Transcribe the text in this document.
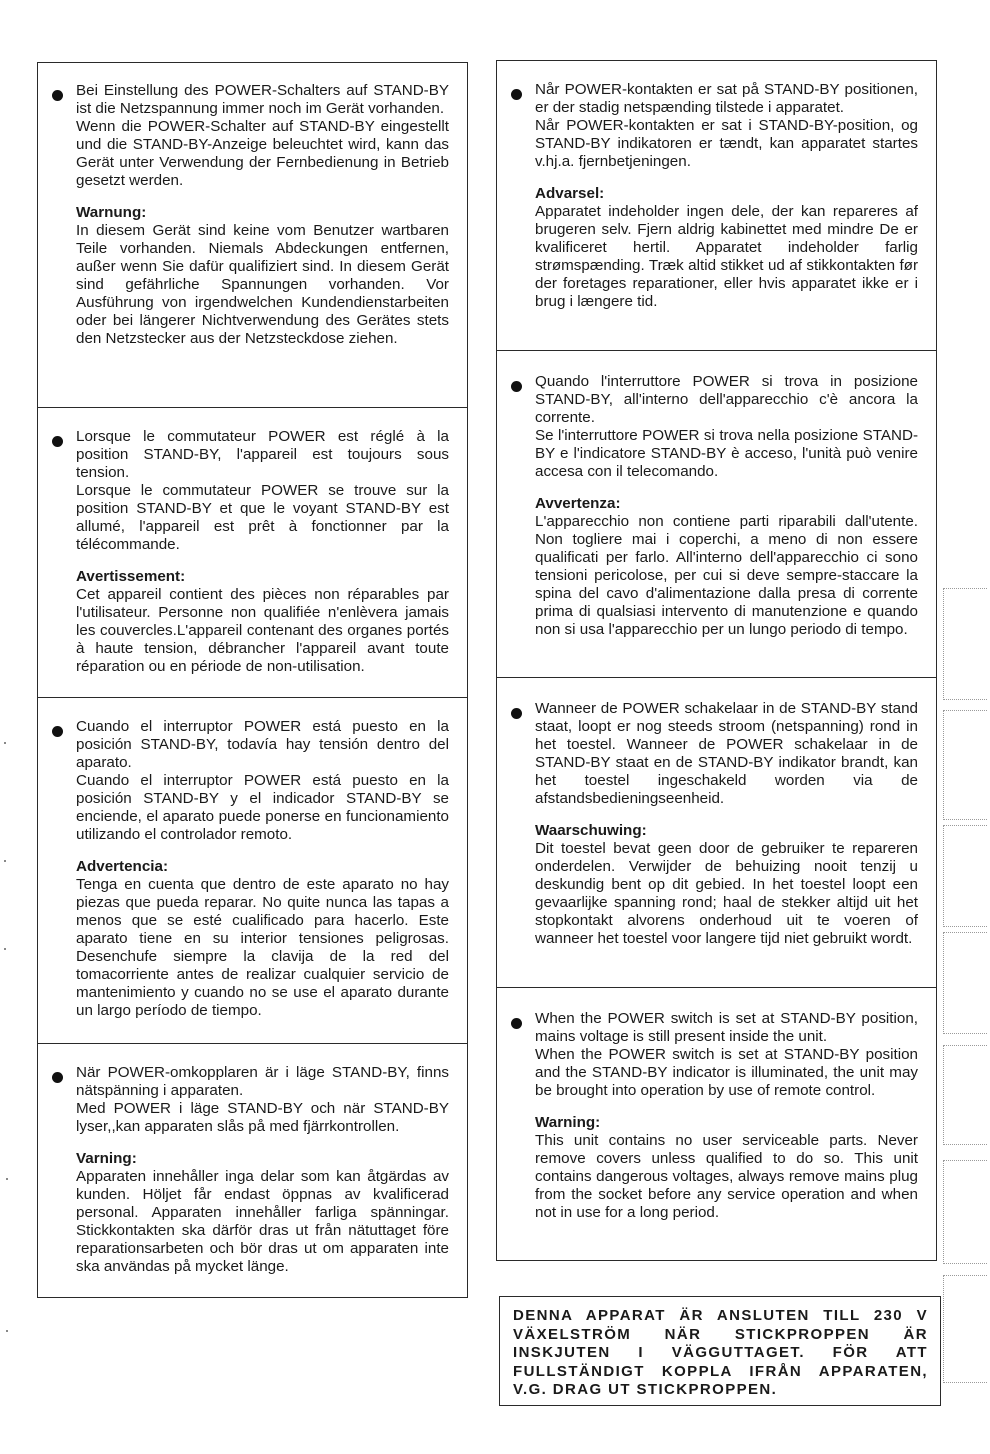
Bei Einstellung des POWER-Schalters auf STAND-BY ist die Netzspannung immer noch im Gerät vorhanden.

Wenn die POWER-Schalter auf STAND-BY eingestellt und die STAND-BY-Anzeige beleuchtet wird, kann das Gerät unter Verwendung der Fernbedienung in Betrieb gesetzt werden.

Warnung:

In diesem Gerät sind keine vom Benutzer wartbaren Teile vorhanden. Niemals Abdeckungen entfernen, außer wenn Sie dafür qualifiziert sind. In diesem Gerät sind gefährliche Spannungen vorhanden. Vor Ausführung von irgendwelchen Kundendienstarbeiten oder bei längerer Nichtverwendung des Gerätes stets den Netzstecker aus der Netzsteckdose ziehen.

Lorsque le commutateur POWER est réglé à la position STAND-BY, l'appareil est toujours sous tension.

Lorsque le commutateur POWER se trouve sur la position STAND-BY et que le voyant STAND-BY est allumé, l'appareil est prêt à fonctionner par la télécommande.

Avertissement:

Cet appareil contient des pièces non réparables par l'utilisateur. Personne non qualifiée n'enlèvera jamais les couvercles.L'appareil contenant des organes portés à haute tension, débrancher l'appareil avant toute réparation ou en période de non-utilisation.

Cuando el interruptor POWER está puesto en la posición STAND-BY, todavía hay tensión dentro del aparato.

Cuando el interruptor POWER está puesto en la posición STAND-BY y el indicador STAND-BY se enciende, el aparato puede ponerse en funcionamiento utilizando el controlador remoto.

Advertencia:

Tenga en cuenta que dentro de este aparato no hay piezas que pueda reparar. No quite nunca las tapas a menos que se esté cualificado para hacerlo. Este aparato tiene en su interior tensiones peligrosas. Desenchufe siempre la clavija de la red del tomacorriente antes de realizar cualquier servicio de mantenimiento y cuando no se use el aparato durante un largo período de tiempo.

När POWER-omkopplaren är i läge STAND-BY, finns nätspänning i apparaten.

Med POWER i läge STAND-BY och när STAND-BY lyser,,kan apparaten slås på med fjärrkontrollen.

Varning:

Apparaten innehåller inga delar som kan åtgärdas av kunden. Höljet får endast öppnas av kvalificerad personal. Apparaten innehåller farliga spänningar. Stickkontakten ska därför dras ut från nätuttaget före reparationsarbeten och bör dras ut om apparaten inte ska användas på mycket länge.

Når POWER-kontakten er sat på STAND-BY positionen, er der stadig netspænding tilstede i apparatet.

Når POWER-kontakten er sat i STAND-BY-position, og STAND-BY indikatoren er tændt, kan apparatet startes v.hj.a. fjernbetjeningen.

Advarsel:

Apparatet indeholder ingen dele, der kan repareres af brugeren selv. Fjern aldrig kabinettet med mindre De er kvalificeret hertil. Apparatet indeholder farlig strømspænding. Træk altid stikket ud af stikkontakten før der foretages reparationer, eller hvis apparatet ikke er i brug i længere tid.

Quando l'interruttore POWER si trova in posizione STAND-BY, all'interno dell'apparecchio c'è ancora la corrente.

Se l'interruttore POWER si trova nella posizione STAND-BY e l'indicatore STAND-BY è acceso, l'unità può venire accesa con il telecomando.

Avvertenza:

L'apparecchio non contiene parti riparabili dall'utente. Non togliere mai i coperchi, a meno di non essere qualificati per farlo. All'interno dell'apparecchio ci sono tensioni pericolose, per cui si deve sempre-staccare la spina del cavo d'alimentazione dalla presa di corrente prima di qualsiasi intervento di manutenzione e quando non si usa l'apparecchio per un lungo periodo di tempo.

Wanneer de POWER schakelaar in de STAND-BY stand staat, loopt er nog steeds stroom (netspanning) rond in het toestel. Wanneer de POWER schakelaar in de STAND-BY staat en de STAND-BY indikator brandt, kan het toestel ingeschakeld worden via de afstandsbedieningseenheid.

Waarschuwing:

Dit toestel bevat geen door de gebruiker te repareren onderdelen. Verwijder de behuizing nooit tenzij u deskundig bent op dit gebied. In het toestel loopt een gevaarlijke spanning rond; haal de stekker altijd uit het stopkontakt alvorens onderhoud uit te voeren of wanneer het toestel voor langere tijd niet gebruikt wordt.

When the POWER switch is set at STAND-BY position, mains voltage is still present inside the unit.

When the POWER switch is set at STAND-BY position and the STAND-BY indicator is illuminated, the unit may be brought into operation by use of remote control.

Warning:

This unit contains no user serviceable parts. Never remove covers unless qualified to do so. This unit contains dangerous voltages, always remove mains plug from the socket before any service operation and when not in use for a long period.

DENNA APPARAT ÄR ANSLUTEN TILL 230 V VÄXELSTRÖM NÄR STICKPROPPEN ÄR INSKJUTEN I VÄGGUTTAGET. FÖR ATT FULLSTÄNDIGT KOPPLA IFRÅN APPARATEN, V.G. DRAG UT STICKPROPPEN.
